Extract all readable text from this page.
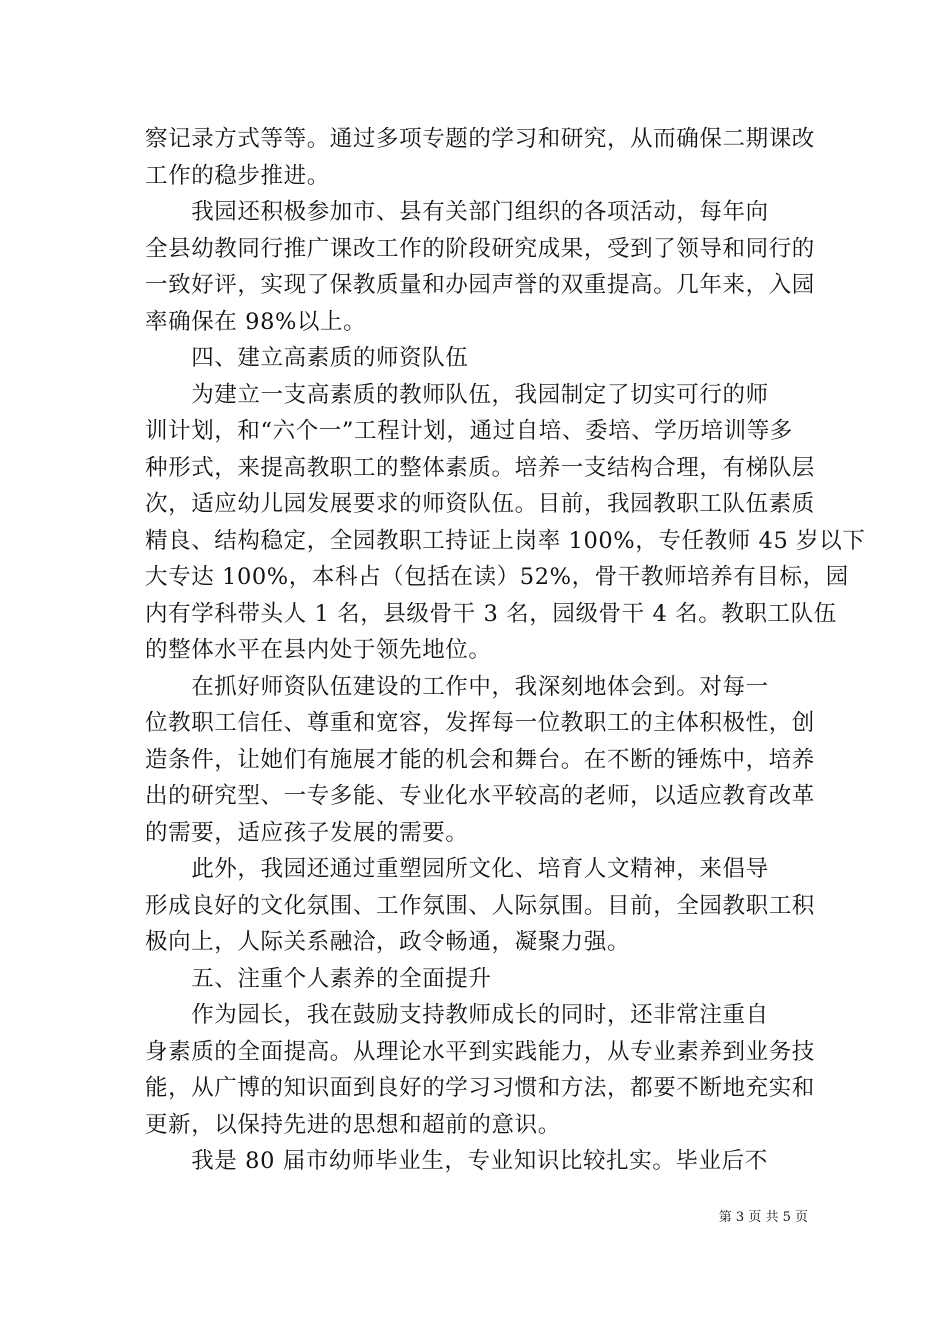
察记录方式等等。通过多项专题的学习和研究，从而确保二期课改
工作的稳步推进。
　　我园还积极参加市、县有关部门组织的各项活动，每年向
全县幼教同行推广课改工作的阶段研究成果，受到了领导和同行的
一致好评，实现了保教质量和办园声誉的双重提高。几年来，入园
率确保在 98%以上。
　　四、建立高素质的师资队伍
　　为建立一支高素质的教师队伍，我园制定了切实可行的师
训计划，和“六个一”工程计划，通过自培、委培、学历培训等多
种形式，来提高教职工的整体素质。培养一支结构合理，有梯队层
次，适应幼儿园发展要求的师资队伍。目前，我园教职工队伍素质
精良、结构稳定，全园教职工持证上岗率 100%，专任教师 45 岁以下
大专达 100%，本科占（包括在读）52%，骨干教师培养有目标，园
内有学科带头人 1 名，县级骨干 3 名，园级骨干 4 名。教职工队伍
的整体水平在县内处于领先地位。
　　在抓好师资队伍建设的工作中，我深刻地体会到。对每一
位教职工信任、尊重和宽容，发挥每一位教职工的主体积极性，创
造条件，让她们有施展才能的机会和舞台。在不断的锤炼中，培养
出的研究型、一专多能、专业化水平较高的老师，以适应教育改革
的需要，适应孩子发展的需要。
　　此外，我园还通过重塑园所文化、培育人文精神，来倡导
形成良好的文化氛围、工作氛围、人际氛围。目前，全园教职工积
极向上，人际关系融洽，政令畅通，凝聚力强。
　　五、注重个人素养的全面提升
　　作为园长，我在鼓励支持教师成长的同时，还非常注重自
身素质的全面提高。从理论水平到实践能力，从专业素养到业务技
能，从广博的知识面到良好的学习习惯和方法，都要不断地充实和
更新，以保持先进的思想和超前的意识。
　　我是 80 届市幼师毕业生，专业知识比较扎实。毕业后不
第 3 页 共 5 页
